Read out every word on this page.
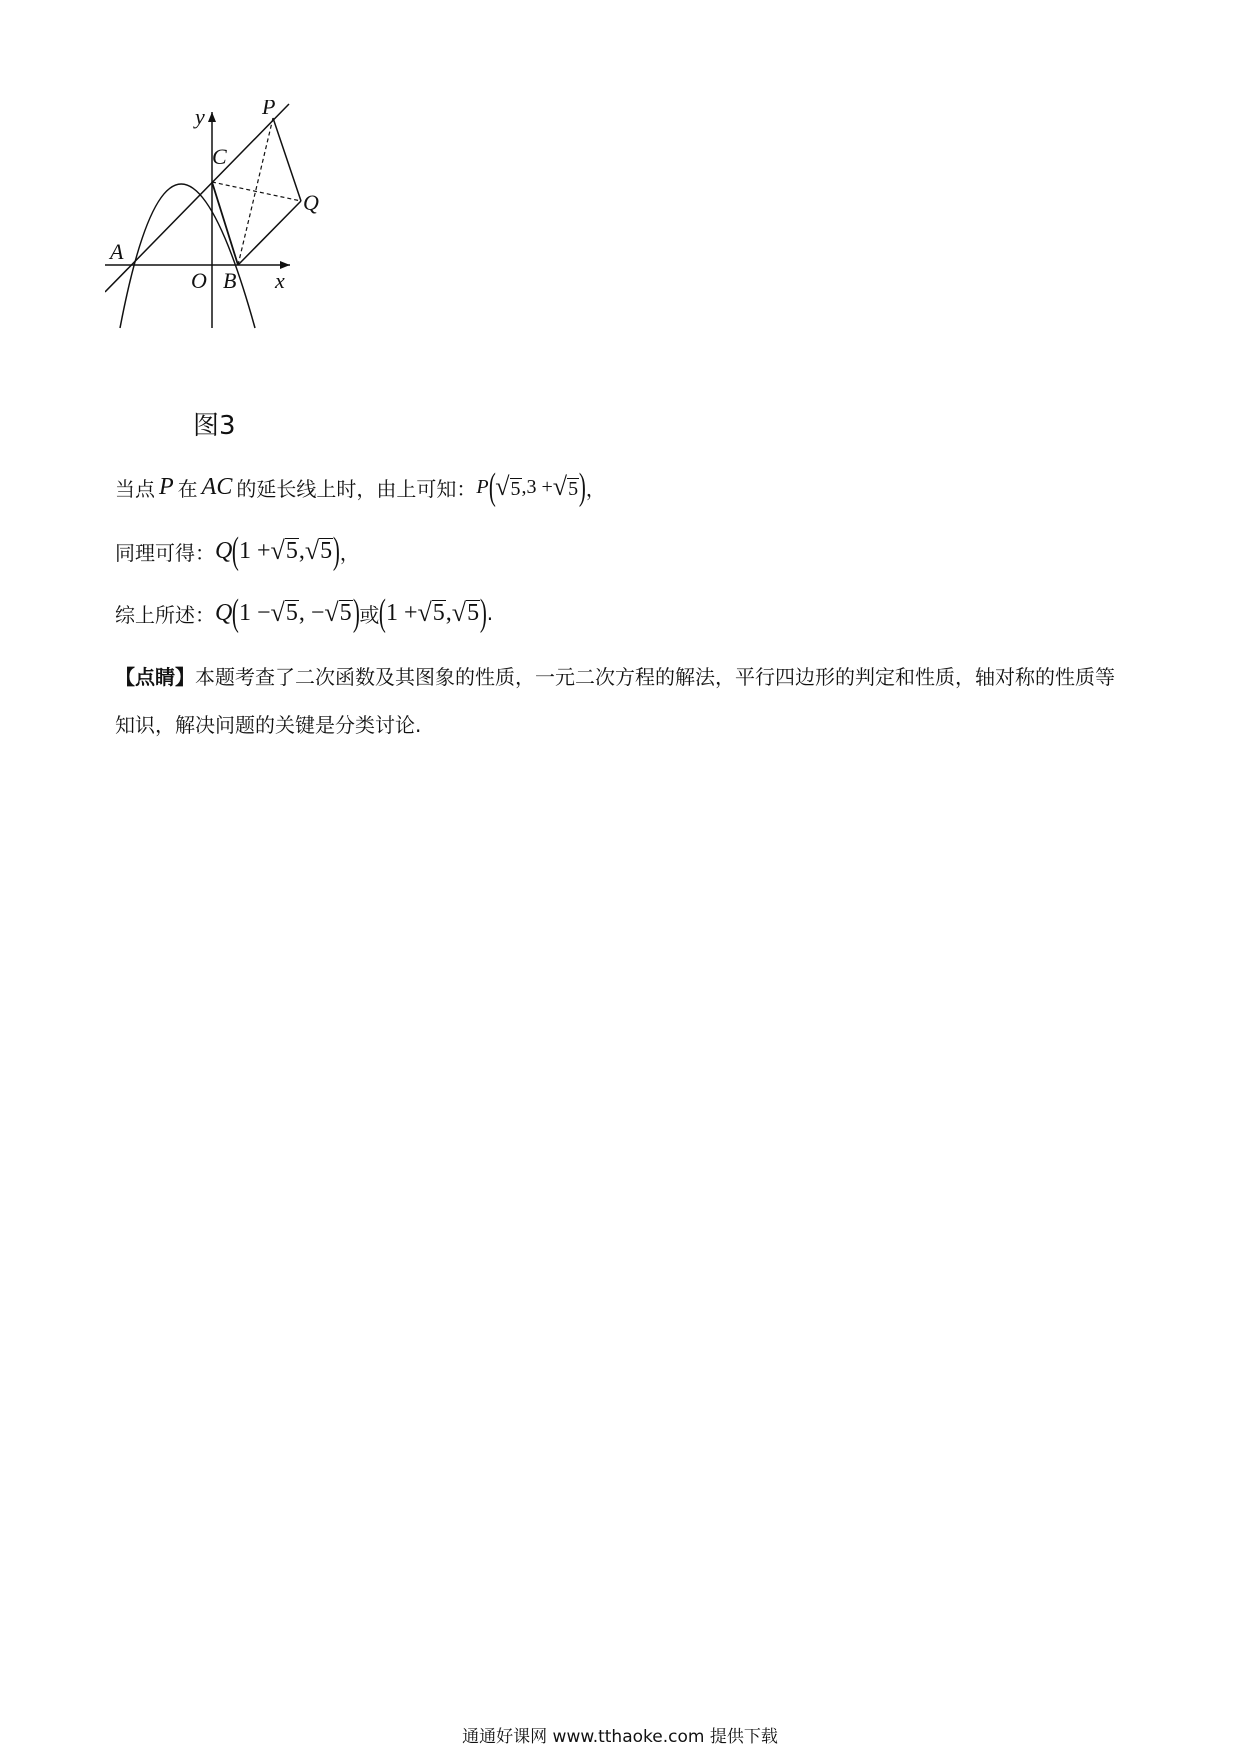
y
x
P
C
Q
A
O B
图3
当点 P 在 AC 的延长线上时，由上可知： P ( √ 5 ,3 + √ 5 ) ，
同理可得： Q ( 1 + √ 5 , √ 5 ) ，
综上所述： Q ( 1 − √ 5 , − √ 5 ) 或 ( 1 + √ 5 , √ 5 ) .
【点睛】本题考查了二次函数及其图象的性质，一元二次方程的解法，平行四边形的判定和性质，轴对称的性质等知识，解决问题的关键是分类讨论.
通通好课网 www.tthaoke.com 提供下载
